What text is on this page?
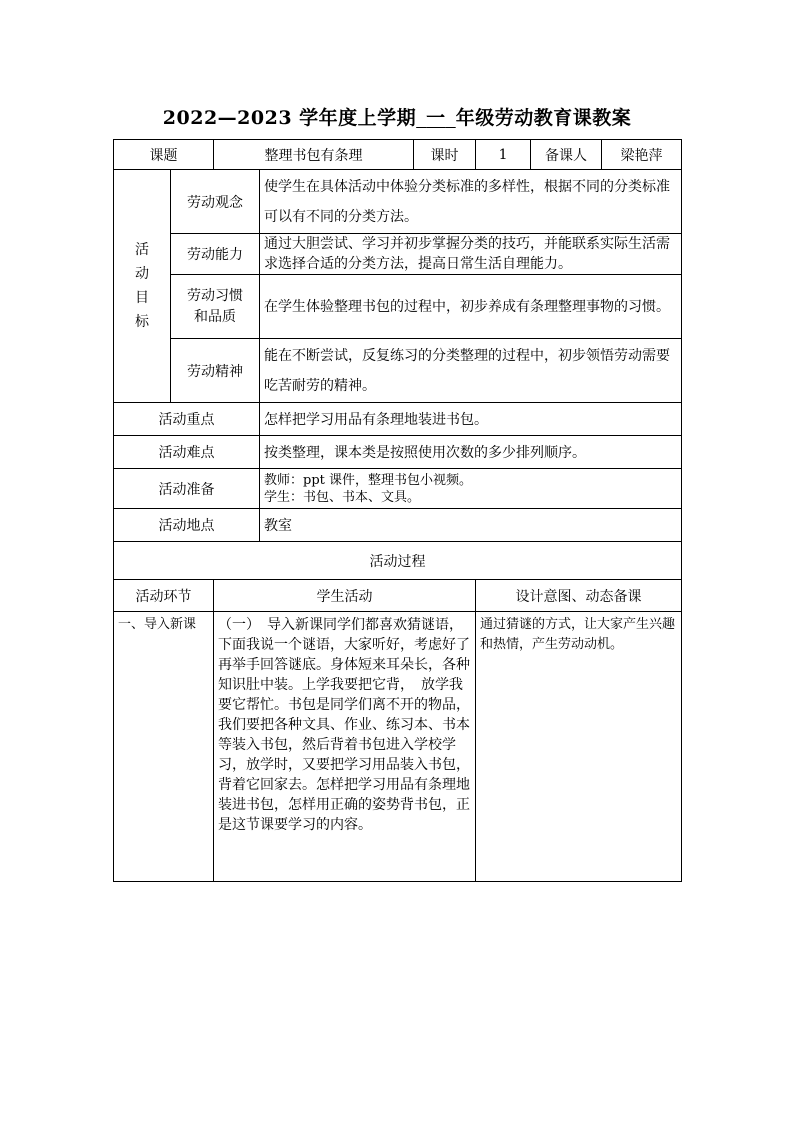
2022—2023 学年度上学期  一  年级劳动教育课教案
课题		整理书包有条理		课时	1	备课人	梁艳萍
活
动
目
标	劳动观念		使学生在具体活动中体验分类标准的多样性，根据不同的分类标准可以有不同的分类方法。				
	劳动能力		通过大胆尝试、学习并初步掌握分类的技巧，并能联系实际生活需求选择合适的分类方法，提高日常生活自理能力。				
	劳动习惯
和品质		在学生体验整理书包的过程中，初步养成有条理整理事物的习惯。				
	劳动精神		能在不断尝试，反复练习的分类整理的过程中，初步领悟劳动需要吃苦耐劳的精神。				
活动重点			怎样把学习用品有条理地装进书包。				
活动难点			按类整理，课本类是按照使用次数的多少排列顺序。				
活动准备			教师：ppt 课件，整理书包小视频。
学生：书包、书本、文具。				

活动地点			教室				
活动过程							
活动环节		学生活动			设计意图、动态备课		
一、导入新课		（一）　导入新课同学们都喜欢猜谜语，下面我说一个谜语，大家听好，考虑好了再举手回答谜底。身体短来耳朵长，各种知识肚中装。上学我要把它背，　放学我要它帮忙。书包是同学们离不开的物品，　我们要把各种文具、作业、练习本、书本等装入书包，然后背着书包进入学校学习，放学时，又要把学习用品装入书包，背着它回家去。怎样把学习用品有条理地装进书包，怎样用正确的姿势背书包，正是这节课要学习的内容。			通过猜谜的方式，让大家产生兴趣和热情，产生劳动动机。		
